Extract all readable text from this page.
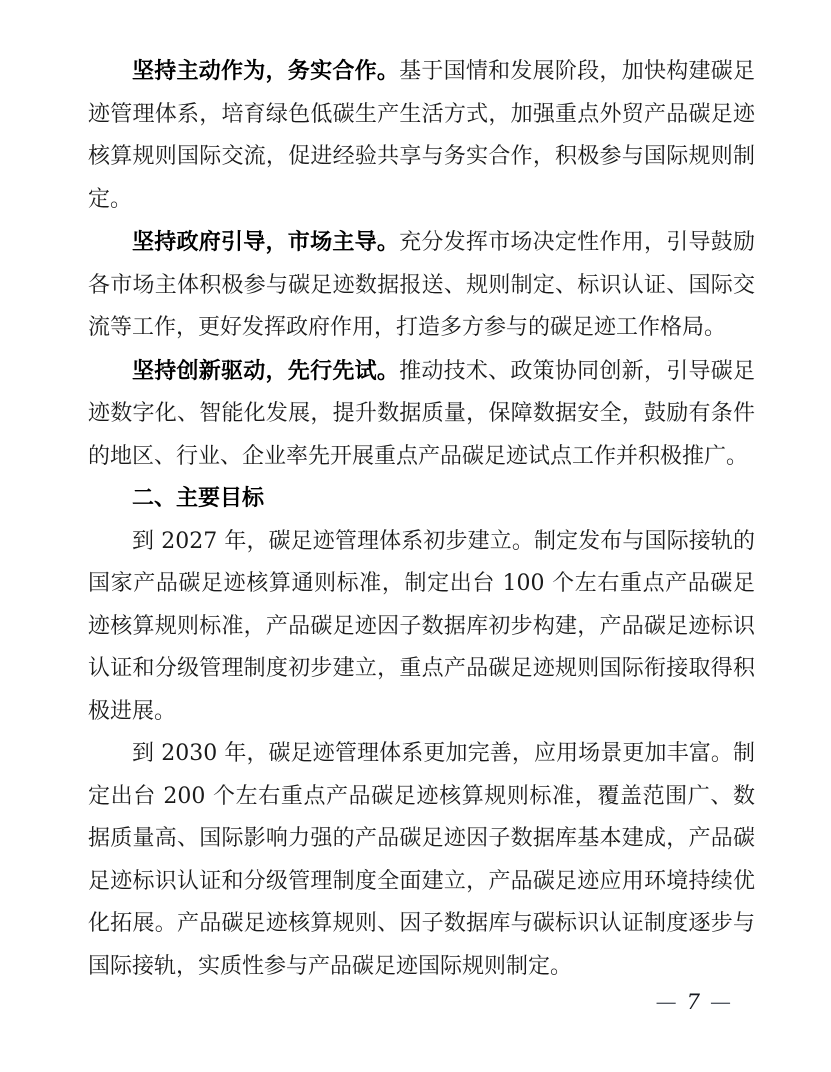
坚持主动作为，务实合作。基于国情和发展阶段，加快构建碳足迹管理体系，培育绿色低碳生产生活方式，加强重点外贸产品碳足迹核算规则国际交流，促进经验共享与务实合作，积极参与国际规则制定。

坚持政府引导，市场主导。充分发挥市场决定性作用，引导鼓励各市场主体积极参与碳足迹数据报送、规则制定、标识认证、国际交流等工作，更好发挥政府作用，打造多方参与的碳足迹工作格局。

坚持创新驱动，先行先试。推动技术、政策协同创新，引导碳足迹数字化、智能化发展，提升数据质量，保障数据安全，鼓励有条件的地区、行业、企业率先开展重点产品碳足迹试点工作并积极推广。

二、主要目标

到 2027 年，碳足迹管理体系初步建立。制定发布与国际接轨的国家产品碳足迹核算通则标准，制定出台 100 个左右重点产品碳足迹核算规则标准，产品碳足迹因子数据库初步构建，产品碳足迹标识认证和分级管理制度初步建立，重点产品碳足迹规则国际衔接取得积极进展。

到 2030 年，碳足迹管理体系更加完善，应用场景更加丰富。制定出台 200 个左右重点产品碳足迹核算规则标准，覆盖范围广、数据质量高、国际影响力强的产品碳足迹因子数据库基本建成，产品碳足迹标识认证和分级管理制度全面建立，产品碳足迹应用环境持续优化拓展。产品碳足迹核算规则、因子数据库与碳标识认证制度逐步与国际接轨，实质性参与产品碳足迹国际规则制定。

— 7 —
